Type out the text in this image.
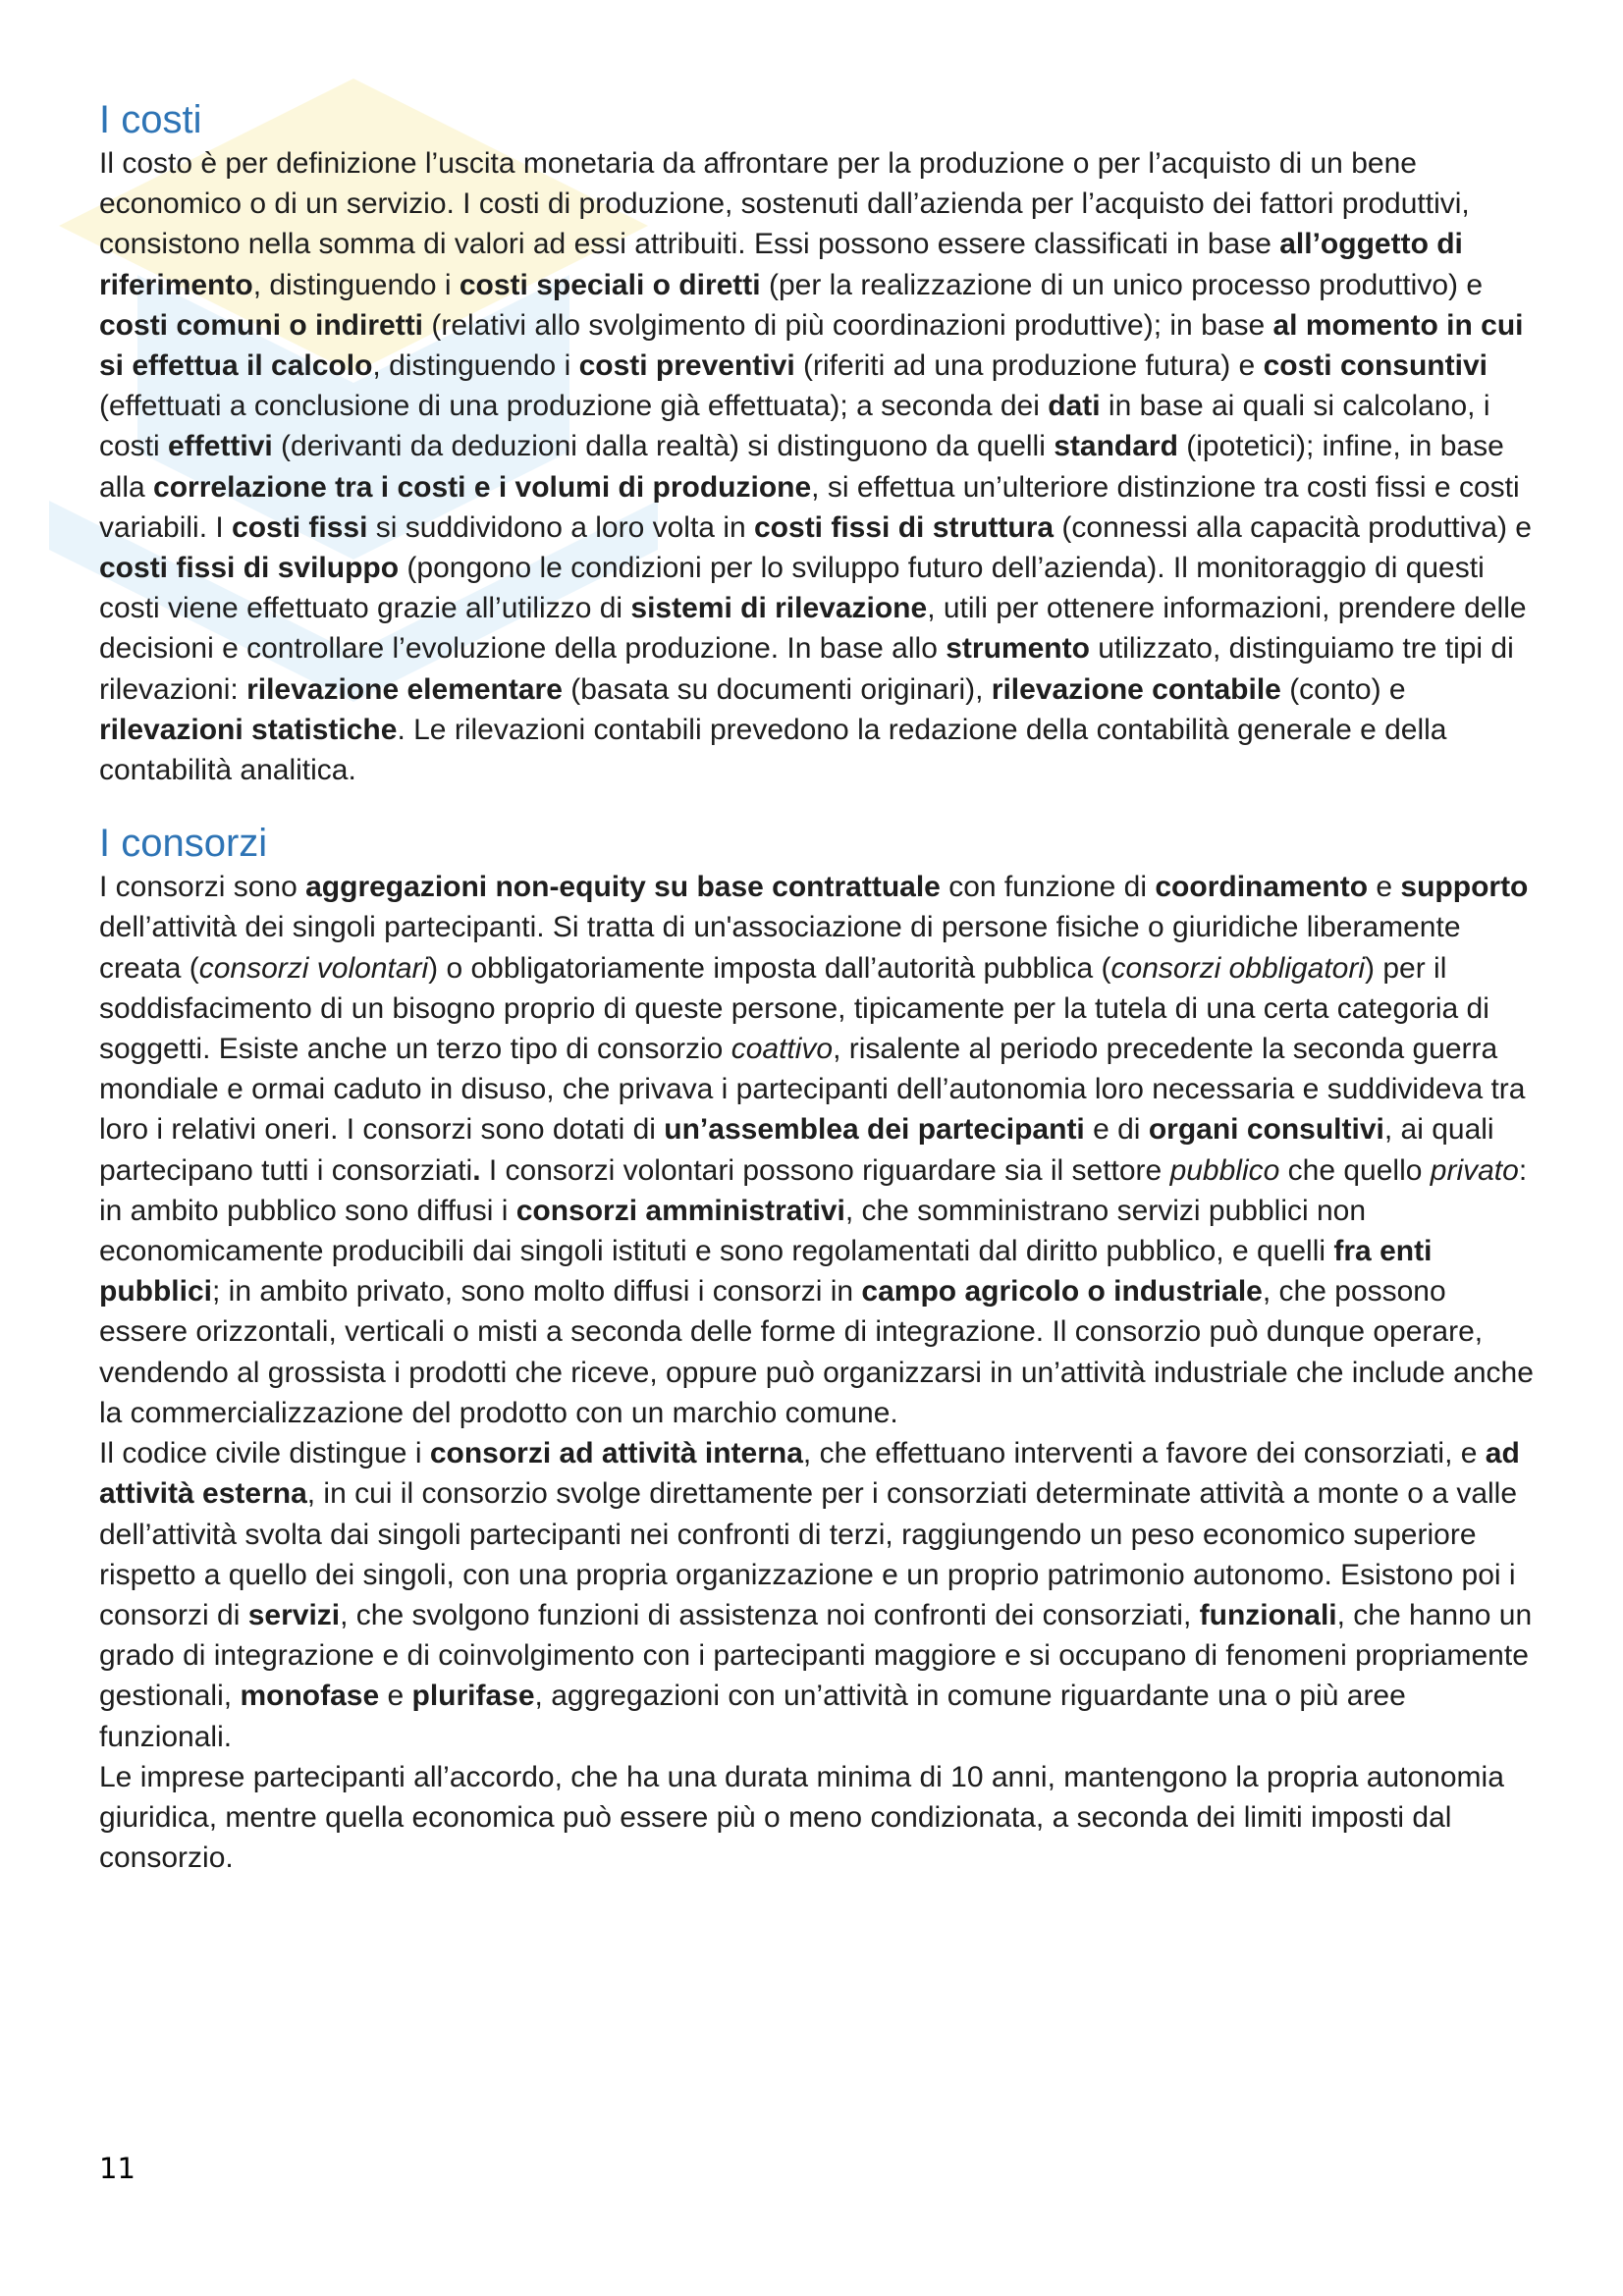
I costi

Il costo è per definizione l’uscita monetaria da affrontare per la produzione o per l’acquisto di un bene economico o di un servizio. I costi di produzione, sostenuti dall’azienda per l’acquisto dei fattori produttivi, consistono nella somma di valori ad essi attribuiti. Essi possono essere classificati in base all’oggetto di riferimento, distinguendo i costi speciali o diretti (per la realizzazione di un unico processo produttivo) e costi comuni o indiretti (relativi allo svolgimento di più coordinazioni produttive); in base al momento in cui si effettua il calcolo, distinguendo i costi preventivi (riferiti ad una produzione futura) e costi consuntivi (effettuati a conclusione di una produzione già effettuata); a seconda dei dati in base ai quali si calcolano, i costi effettivi (derivanti da deduzioni dalla realtà) si distinguono da quelli standard (ipotetici); infine, in base alla correlazione tra i costi e i volumi di produzione, si effettua un’ulteriore distinzione tra costi fissi e costi variabili. I costi fissi si suddividono a loro volta in costi fissi di struttura (connessi alla capacità produttiva) e costi fissi di sviluppo (pongono le condizioni per lo sviluppo futuro dell’azienda). Il monitoraggio di questi costi viene effettuato grazie all’utilizzo di sistemi di rilevazione, utili per ottenere informazioni, prendere delle decisioni e controllare l’evoluzione della produzione. In base allo strumento utilizzato, distinguiamo tre tipi di rilevazioni: rilevazione elementare (basata su documenti originari), rilevazione contabile (conto) e rilevazioni statistiche. Le rilevazioni contabili prevedono la redazione della contabilità generale e della contabilità analitica.

I consorzi

I consorzi sono aggregazioni non-equity su base contrattuale con funzione di coordinamento e supporto dell’attività dei singoli partecipanti. Si tratta di un'associazione di persone fisiche o giuridiche liberamente creata (consorzi volontari) o obbligatoriamente imposta dall’autorità pubblica (consorzi obbligatori) per il soddisfacimento di un bisogno proprio di queste persone, tipicamente per la tutela di una certa categoria di soggetti. Esiste anche un terzo tipo di consorzio coattivo, risalente al periodo precedente la seconda guerra mondiale e ormai caduto in disuso, che privava i partecipanti dell’autonomia loro necessaria e suddivideva tra loro i relativi oneri. I consorzi sono dotati di un’assemblea dei partecipanti e di organi consultivi, ai quali partecipano tutti i consorziati. I consorzi volontari possono riguardare sia il settore pubblico che quello privato: in ambito pubblico sono diffusi i consorzi amministrativi, che somministrano servizi pubblici non economicamente producibili dai singoli istituti e sono regolamentati dal diritto pubblico, e quelli fra enti pubblici; in ambito privato, sono molto diffusi i consorzi in campo agricolo o industriale, che possono essere orizzontali, verticali o misti a seconda delle forme di integrazione. Il consorzio può dunque operare, vendendo al grossista i prodotti che riceve, oppure può organizzarsi in un’attività industriale che include anche la commercializzazione del prodotto con un marchio comune.

Il codice civile distingue i consorzi ad attività interna, che effettuano interventi a favore dei consorziati, e ad attività esterna, in cui il consorzio svolge direttamente per i consorziati determinate attività a monte o a valle dell’attività svolta dai singoli partecipanti nei confronti di terzi, raggiungendo un peso economico superiore rispetto a quello dei singoli, con una propria organizzazione e un proprio patrimonio autonomo. Esistono poi i consorzi di servizi, che svolgono funzioni di assistenza noi confronti dei consorziati, funzionali, che hanno un grado di integrazione e di coinvolgimento con i partecipanti maggiore e si occupano di fenomeni propriamente gestionali, monofase e plurifase, aggregazioni con un’attività in comune riguardante una o più aree funzionali.

Le imprese partecipanti all’accordo, che ha una durata minima di 10 anni, mantengono la propria autonomia giuridica, mentre quella economica può essere più o meno condizionata, a seconda dei limiti imposti dal consorzio.

11
